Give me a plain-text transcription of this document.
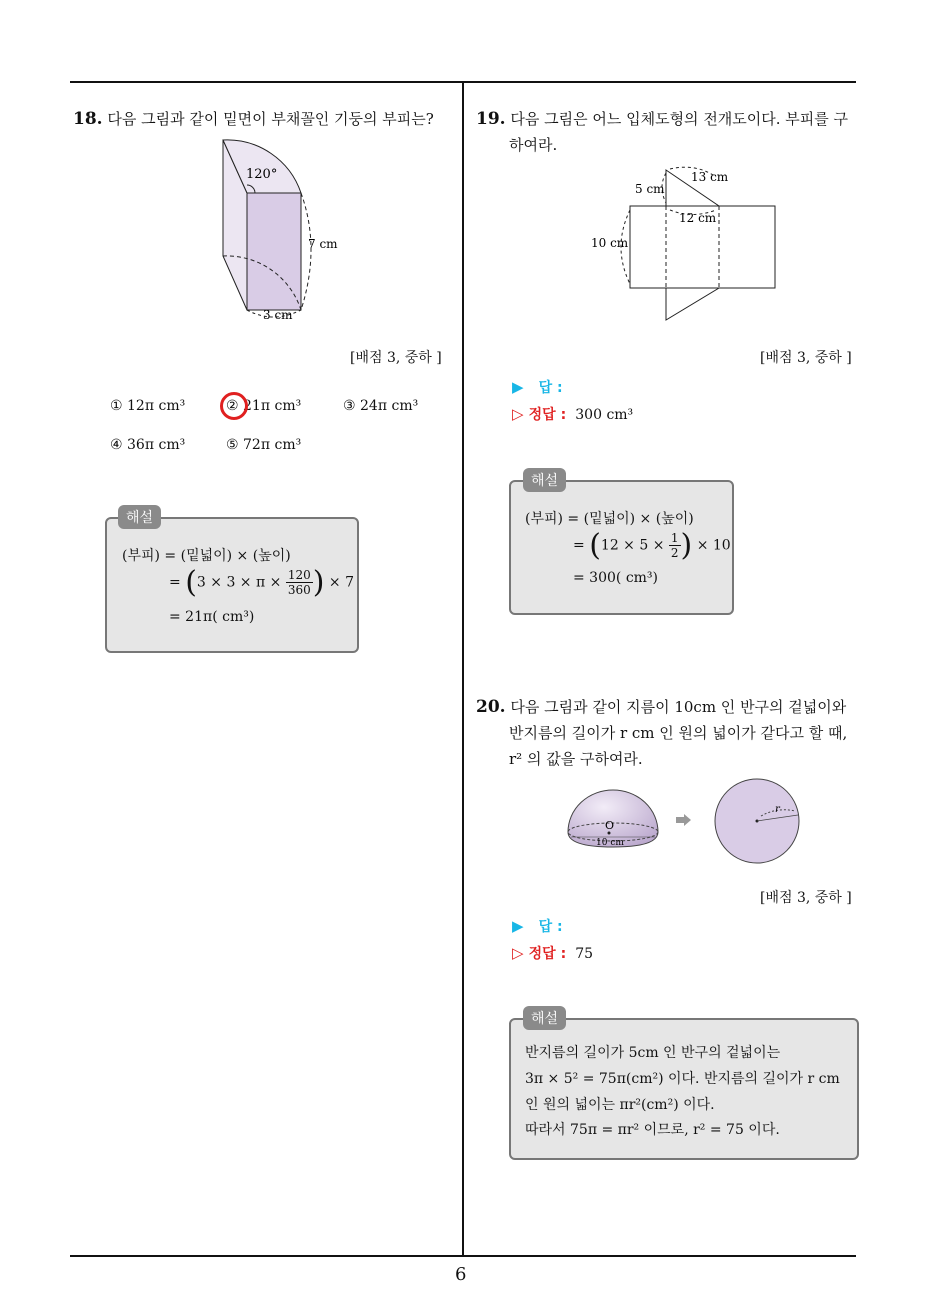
6
18. 다음 그림과 같이 밑면이 부채꼴인 기둥의 부피는?
120°
7 cm
3 cm
[배점 3, 중하 ]
① 12π cm³	② 21π cm³	③ 24π cm³
④ 36π cm³	⑤ 72π cm³
(부피) = (밑넓이) × (높이)
= ($3 \times 3 \times \pi \times \frac{120}{360}$ ) × 7
= 21π( cm³)
해설
19. 다음 그림은 어느 입체도형의 전개도이다. 부피를 구
하여라.
5 cm
13 cm
12 cm
10 cm
[배점 3, 중하 ]
▶ 답 :
▷ 정답 : 300 cm³
(부피) = (밑넓이) × (높이)
= ($12 \times 5 \times \frac{1}{2}$ ) × 10
= 300( cm³)
해설
20. 다음 그림과 같이 지름이 10cm 인 반구의 겉넓이와
반지름의 길이가 r cm 인 원의 넓이가 같다고 할 때,
r² 의 값을 구하여라.
O
10 cm
r
[배점 3, 중하 ]
▶ 답 :
▷ 정답 : 75
반지름의 길이가 5cm 인 반구의 겉넓이는
3π × 5² = 75π(cm²) 이다. 반지름의 길이가 r cm
인 원의 넓이는 πr²(cm²) 이다.
따라서 75π = πr² 이므로, r² = 75 이다.
해설
